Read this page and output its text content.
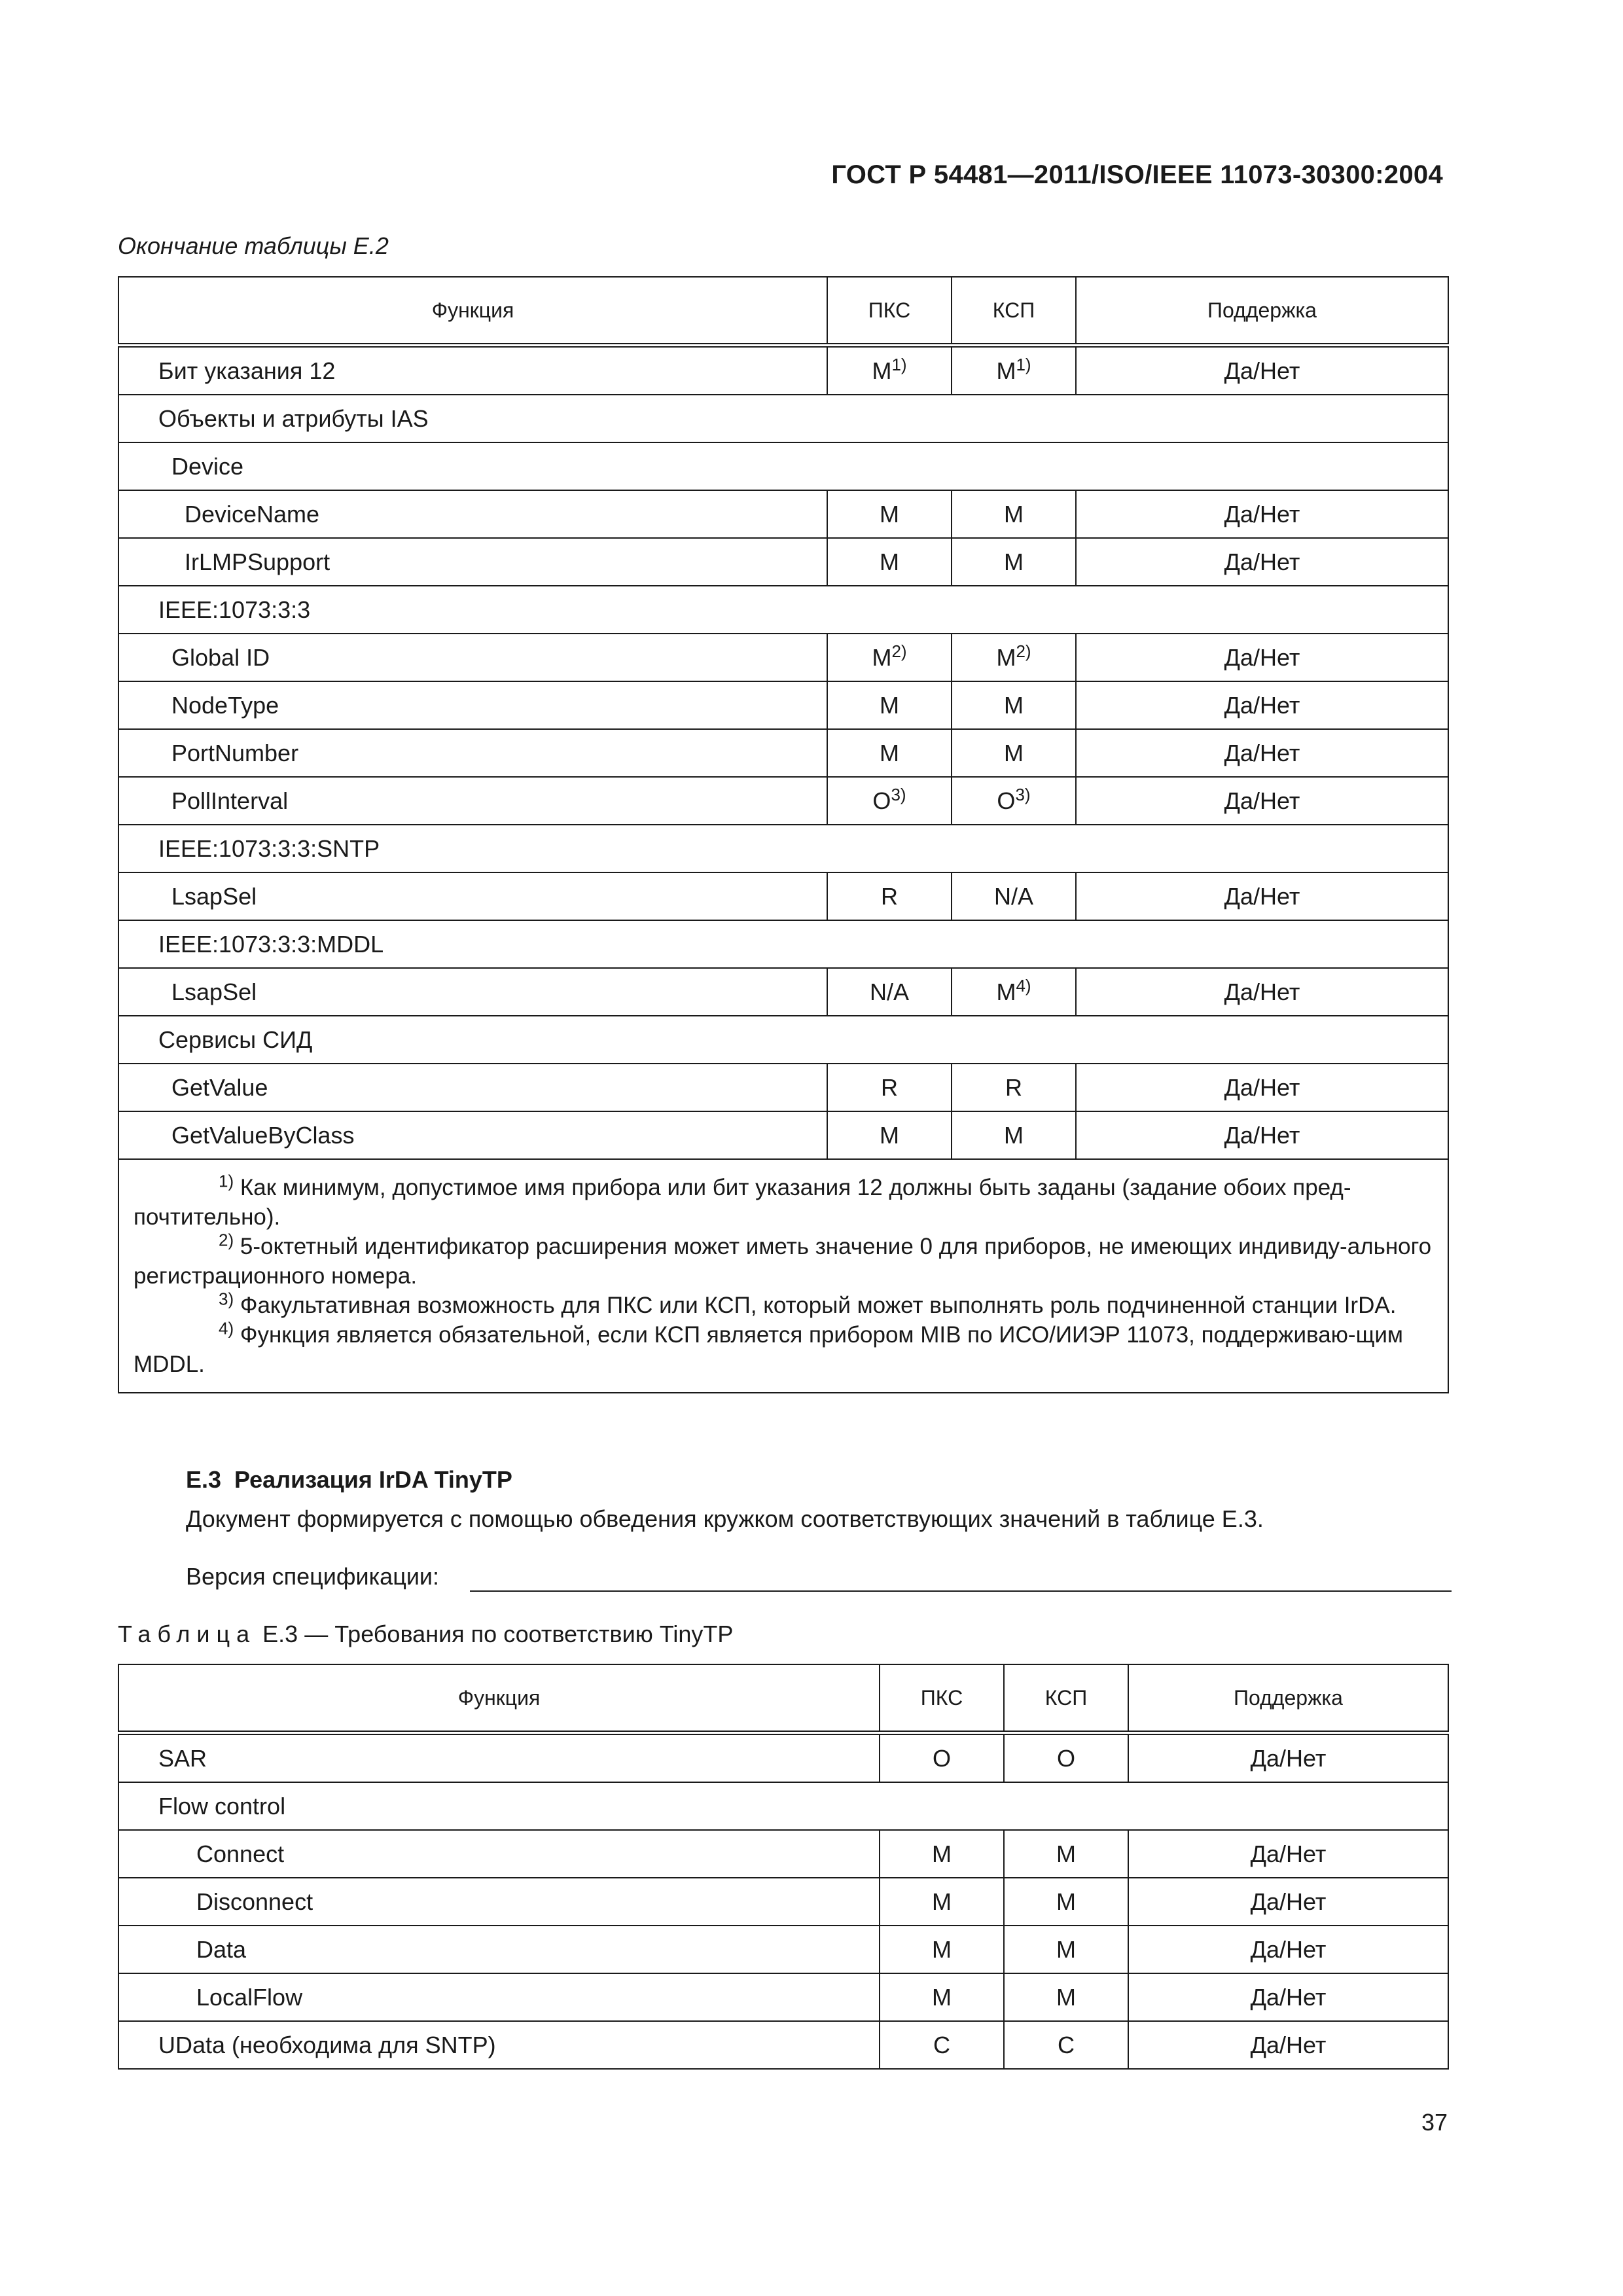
ГОСТ Р 54481—2011/ISO/IEEE 11073-30300:2004
Окончание таблицы Е.2
Функция	ПКС	КСП	Поддержка
Бит указания 12	$M^{1)}$	$M^{1)}$	Да/Нет
Объекты и атрибуты IAS			
Device			
DeviceName	M	M	Да/Нет
IrLMPSupport	M	M	Да/Нет
IEEE:1073:3:3			
Global ID	$M^{2)}$	$M^{2)}$	Да/Нет
NodeType	M	M	Да/Нет
PortNumber	M	M	Да/Нет
PollInterval	$O^{3)}$	$O^{3)}$	Да/Нет
IEEE:1073:3:3:SNTP			
LsapSel	R	N/A	Да/Нет
IEEE:1073:3:3:MDDL			
LsapSel	N/A	$M^{4)}$	Да/Нет
Сервисы СИД			
GetValue	R	R	Да/Нет
GetValueByClass	M	M	Да/Нет

$^{1)}$ Как минимум, допустимое имя прибора или бит указания 12 должны быть заданы (задание обоих пред-почтительно).
$^{2)}$ 5-октетный идентификатор расширения может иметь значение 0 для приборов, не имеющих индивиду-ального регистрационного номера.
$^{3)}$ Факультативная возможность для ПКС или КСП, который может выполнять роль подчиненной станции IrDA.
$^{4)}$ Функция является обязательной, если КСП является прибором MIB по ИСО/ИИЭР 11073, поддерживаю-щим MDDL.			
Е.3  Реализация IrDA TinyTP
Документ формируется с помощью обведения кружком соответствующих значений в таблице Е.3.
Версия спецификации:
Таблица Е.3 — Требования по соответствию TinyTP
Функция	ПКС	КСП	Поддержка
SAR	O	O	Да/Нет
Flow control			
Connect	M	M	Да/Нет
Disconnect	M	M	Да/Нет
Data	M	M	Да/Нет
LocalFlow	M	M	Да/Нет
UData (необходима для SNTP)	C	C	Да/Нет
37
